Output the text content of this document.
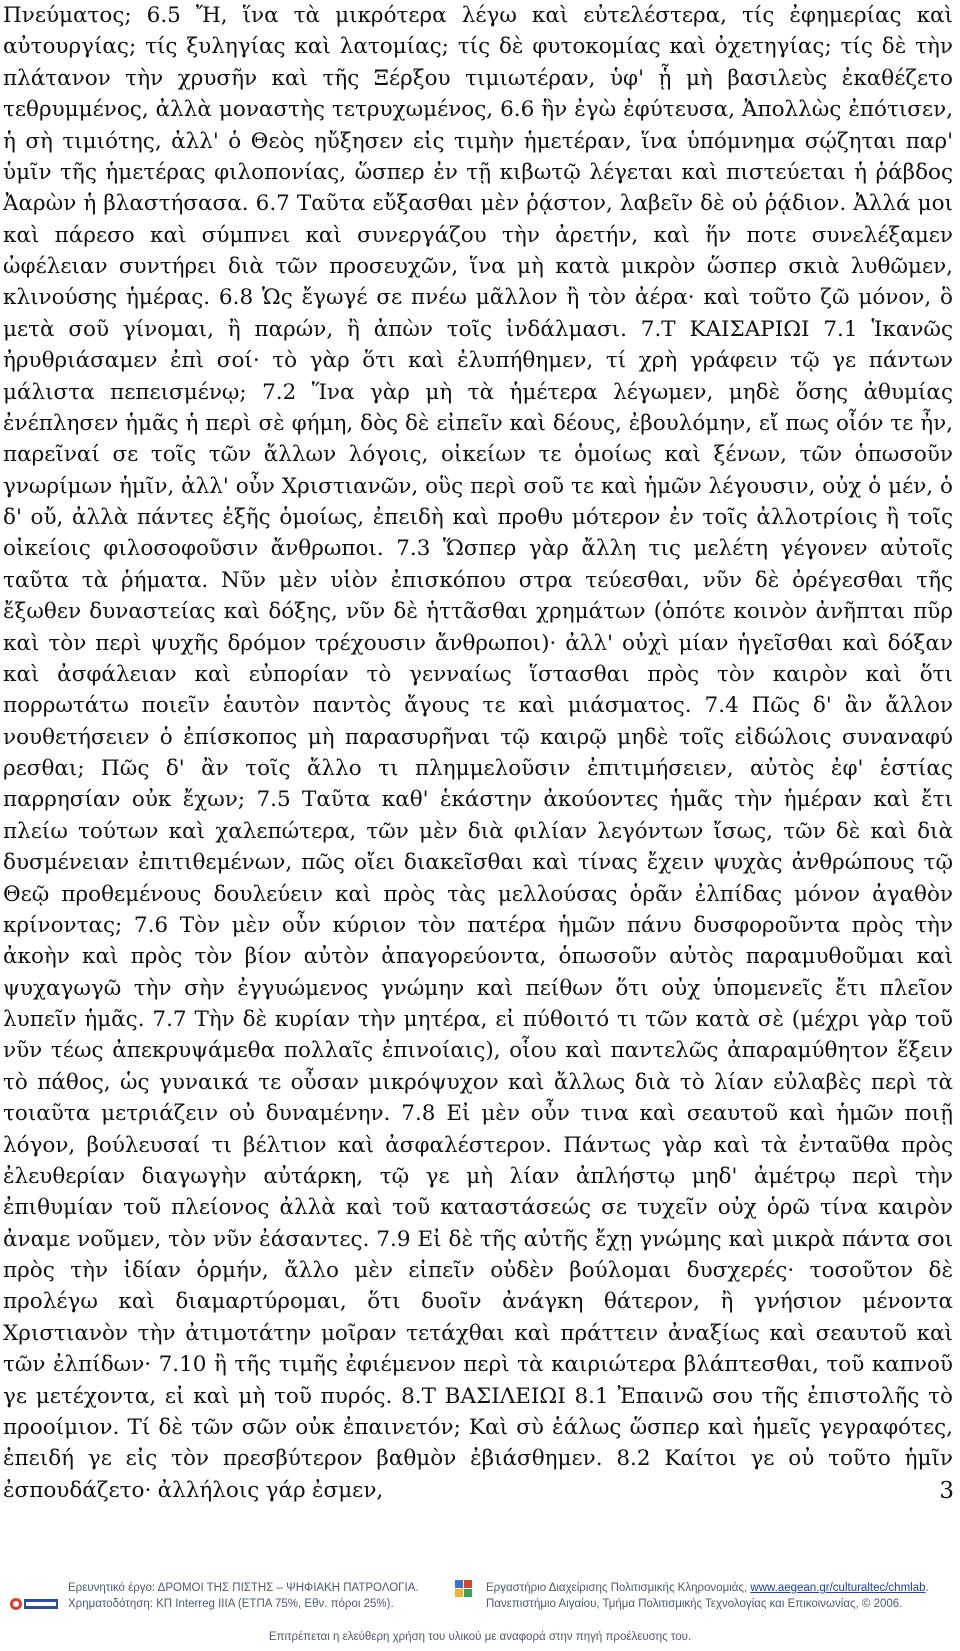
Πνεύματος; 6.5 Ἤ, ἵνα τὰ μικρότερα λέγω καὶ εὐτελέστερα, τίς ἐφημερίας καὶ αὐτουργίας; τίς ξυληγίας καὶ λατομίας; τίς δὲ φυτοκομίας καὶ ὀχετηγίας; τίς δὲ τὴν πλάτανον τὴν χρυσῆν καὶ τῆς Ξέρξου τιμιωτέραν, ὑφ' ᾗ μὴ βασιλεὺς ἐκαθέζετο τεθρυμμένος, ἀλλὰ μοναστὴς τετρυχωμένος, 6.6 ἣν ἐγὼ ἐφύτευσα, Ἀπολλὼς ἐπότισεν, ἡ σὴ τιμιότης, ἀλλ' ὁ Θεὸς ηὔξησεν εἰς τιμὴν ἡμετέραν, ἵνα ὑπόμνημα σῴζηται παρ' ὑμῖν τῆς ἡμετέρας φιλοπονίας, ὥσπερ ἐν τῇ κιβωτῷ λέγεται καὶ πιστεύεται ἡ ῥάβδος Ἀαρὼν ἡ βλαστήσασα. 6.7 Ταῦτα εὔξασθαι μὲν ῥᾴστον, λαβεῖν δὲ οὐ ῥᾴδιον. Ἀλλά μοι καὶ πάρεσο καὶ σύμπνει καὶ συνεργάζου τὴν ἀρετήν, καὶ ἥν ποτε συνελέξαμεν ὠφέλειαν συντήρει διὰ τῶν προσευχῶν, ἵνα μὴ κατὰ μικρὸν ὥσπερ σκιὰ λυθῶμεν, κλινούσης ἡμέρας. 6.8 Ὡς ἔγωγέ σε πνέω μᾶλλον ἢ τὸν ἀέρα· καὶ τοῦτο ζῶ μόνον, ὃ μετὰ σοῦ γίνομαι, ἢ παρών, ἢ ἀπὼν τοῖς ἰνδάλμασι. 7.Τ ΚΑΙΣΑΡΙΩΙ 7.1 Ἱκανῶς ἠρυθριάσαμεν ἐπὶ σοί· τὸ γὰρ ὅτι καὶ ἐλυπήθημεν, τί χρὴ γράφειν τῷ γε πάντων μάλιστα πεπεισμένῳ; 7.2 Ἵνα γὰρ μὴ τὰ ἡμέτερα λέγωμεν, μηδὲ ὅσης ἀθυμίας ἐνέπλησεν ἡμᾶς ἡ περὶ σὲ φήμη, δὸς δὲ εἰπεῖν καὶ δέους, ἐβουλόμην, εἴ πως οἷόν τε ἦν, παρεῖναί σε τοῖς τῶν ἄλλων λόγοις, οἰκείων τε ὁμοίως καὶ ξένων, τῶν ὁπωσοῦν γνωρίμων ἡμῖν, ἀλλ' οὖν Χριστιανῶν, οὓς περὶ σοῦ τε καὶ ἡμῶν λέγουσιν, οὐχ ὁ μέν, ὁ δ' οὔ, ἀλλὰ πάντες ἑξῆς ὁμοίως, ἐπειδὴ καὶ προθυ μότερον ἐν τοῖς ἀλλοτρίοις ἢ τοῖς οἰκείοις φιλοσοφοῦσιν ἄνθρωποι. 7.3 Ὥσπερ γὰρ ἄλλη τις μελέτη γέγονεν αὐτοῖς ταῦτα τὰ ῥήματα. Νῦν μὲν υἱὸν ἐπισκόπου στρα τεύεσθαι, νῦν δὲ ὀρέγεσθαι τῆς ἔξωθεν δυναστείας καὶ δόξης, νῦν δὲ ἡττᾶσθαι χρημάτων (ὁπότε κοινὸν ἀνῆπται πῦρ καὶ τὸν περὶ ψυχῆς δρόμον τρέχουσιν ἄνθρωποι)· ἀλλ' οὐχὶ μίαν ἡγεῖσθαι καὶ δόξαν καὶ ἀσφάλειαν καὶ εὐπορίαν τὸ γενναίως ἵστασθαι πρὸς τὸν καιρὸν καὶ ὅτι πορρωτάτω ποιεῖν ἑαυτὸν παντὸς ἄγους τε καὶ μιάσματος. 7.4 Πῶς δ' ἂν ἄλλον νουθετήσειεν ὁ ἐπίσκοπος μὴ παρασυρῆναι τῷ καιρῷ μηδὲ τοῖς εἰδώλοις συναναφύ ρεσθαι; Πῶς δ' ἂν τοῖς ἄλλο τι πλημμελοῦσιν ἐπιτιμήσειεν, αὐτὸς ἐφ' ἑστίας παρρησίαν οὐκ ἔχων; 7.5 Ταῦτα καθ' ἑκάστην ἀκούοντες ἡμᾶς τὴν ἡμέραν καὶ ἔτι πλείω τούτων καὶ χαλεπώτερα, τῶν μὲν διὰ φιλίαν λεγόντων ἴσως, τῶν δὲ καὶ διὰ δυσμένειαν ἐπιτιθεμένων, πῶς οἴει διακεῖσθαι καὶ τίνας ἔχειν ψυχὰς ἀνθρώπους τῷ Θεῷ προθεμένους δουλεύειν καὶ πρὸς τὰς μελλούσας ὁρᾶν ἐλπίδας μόνον ἀγαθὸν κρίνοντας; 7.6 Τὸν μὲν οὖν κύριον τὸν πατέρα ἡμῶν πάνυ δυσφοροῦντα πρὸς τὴν ἀκοὴν καὶ πρὸς τὸν βίον αὐτὸν ἀπαγορεύοντα, ὁπωσοῦν αὐτὸς παραμυθοῦμαι καὶ ψυχαγωγῶ τὴν σὴν ἐγγυώμενος γνώμην καὶ πείθων ὅτι οὐχ ὑπομενεῖς ἔτι πλεῖον λυπεῖν ἡμᾶς. 7.7 Τὴν δὲ κυρίαν τὴν μητέρα, εἰ πύθοιτό τι τῶν κατὰ σὲ (μέχρι γὰρ τοῦ νῦν τέως ἀπεκρυψάμεθα πολλαῖς ἐπινοίαις), οἷου καὶ παντελῶς ἀπαραμύθητον ἕξειν τὸ πάθος, ὡς γυναικά τε οὖσαν μικρόψυχον καὶ ἄλλως διὰ τὸ λίαν εὐλαβὲς περὶ τὰ τοιαῦτα μετριάζειν οὐ δυναμένην. 7.8 Εἰ μὲν οὖν τινα καὶ σεαυτοῦ καὶ ἡμῶν ποιῇ λόγον, βούλευσαί τι βέλτιον καὶ ἀσφαλέστερον. Πάντως γὰρ καὶ τὰ ἐνταῦθα πρὸς ἐλευθερίαν διαγωγὴν αὐτάρκη, τῷ γε μὴ λίαν ἀπλήστῳ μηδ' ἀμέτρῳ περὶ τὴν ἐπιθυμίαν τοῦ πλείονος ἀλλὰ καὶ τοῦ καταστάσεώς σε τυχεῖν οὐχ ὁρῶ τίνα καιρὸν ἀναμε νοῦμεν, τὸν νῦν ἐάσαντες. 7.9 Εἰ δὲ τῆς αὐτῆς ἔχῃ γνώμης καὶ μικρὰ πάντα σοι πρὸς τὴν ἰδίαν ὁρμήν, ἄλλο μὲν εἰπεῖν οὐδὲν βούλομαι δυσχερές· τοσοῦτον δὲ προλέγω καὶ διαμαρτύρομαι, ὅτι δυοῖν ἀνάγκη θάτερον, ἢ γνήσιον μένοντα Χριστιανὸν τὴν ἀτιμοτάτην μοῖραν τετάχθαι καὶ πράττειν ἀναξίως καὶ σεαυτοῦ καὶ τῶν ἐλπίδων· 7.10 ἢ τῆς τιμῆς ἐφιέμενον περὶ τὰ καιριώτερα βλάπτεσθαι, τοῦ καπνοῦ γε μετέχοντα, εἰ καὶ μὴ τοῦ πυρός. 8.Τ ΒΑΣΙΛΕΙΩΙ 8.1 Ἐπαινῶ σου τῆς ἐπιστολῆς τὸ προοίμιον. Τί δὲ τῶν σῶν οὐκ ἐπαινετόν; Καὶ σὺ ἑάλως ὥσπερ καὶ ἡμεῖς γεγραφότες, ἐπειδή γε εἰς τὸν πρεσβύτερον βαθμὸν ἐβιάσθημεν. 8.2 Καίτοι γε οὐ τοῦτο ἡμῖν ἐσπουδάζετο· ἀλλήλοις γάρ ἐσμεν,	3
Ερευνητικό έργο: ΔΡΟΜΟΙ ΤΗΣ ΠΙΣΤΗΣ – ΨΗΦΙΑΚΗ ΠΑΤΡΟΛΟΓΙΑ.
Χρηματοδότηση: ΚΠ Interreg IIIA (ΕΤΠΑ 75%, Εθν. πόροι 25%).
Εργαστήριο Διαχείρισης Πολιτισμικής Κληρονομιάς, www.aegean.gr/culturaltec/chmlab.
Πανεπιστήμιο Αιγαίου, Τμήμα Πολιτισμικής Τεχνολογίας και Επικοινωνίας, © 2006.
Επιτρέπεται η ελεύθερη χρήση του υλικού με αναφορά στην πηγή προέλευσης του.
